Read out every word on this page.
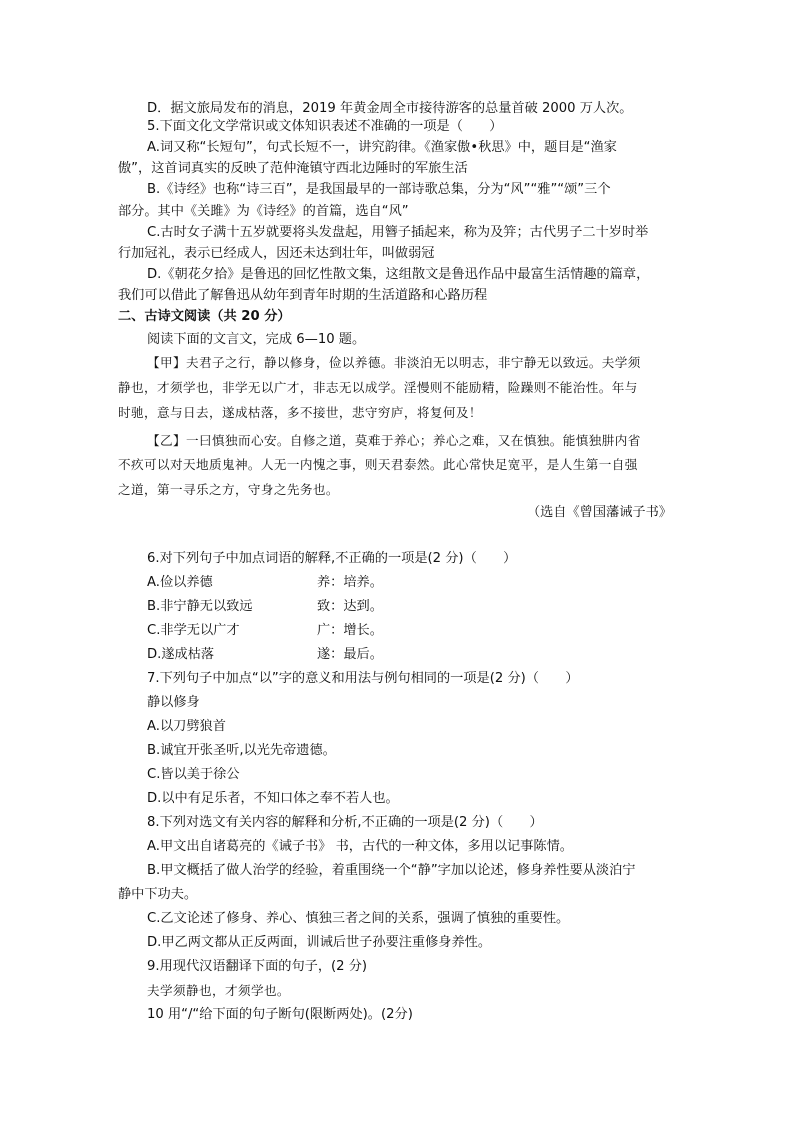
D．据文旅局发布的消息，2019 年黄金周全市接待游客的总量首破 2000 万人次。
5.下面文化文学常识或文体知识表述不准确的一项是（　　）
A.词又称“长短句”，句式长短不一，讲究韵律。《渔家傲•秋思》中，题目是“渔家
傲”，这首词真实的反映了范仲淹镇守西北边陲时的军旅生活
B.《诗经》也称“诗三百”，是我国最早的一部诗歌总集，分为“风”“雅”“颂”三个
部分。其中《关雎》为《诗经》的首篇，选自“风”
C.古时女子满十五岁就要将头发盘起，用簪子插起来，称为及笄；古代男子二十岁时举
行加冠礼，表示已经成人，因还未达到壮年，叫做弱冠
D.《朝花夕拾》是鲁迅的回忆性散文集，这组散文是鲁迅作品中最富生活情趣的篇章，
我们可以借此了解鲁迅从幼年到青年时期的生活道路和心路历程
二、古诗文阅读（共 20 分）
阅读下面的文言文，完成 6—10 题。
【甲】夫君子之行，静以修身，俭以养德。非淡泊无以明志，非宁静无以致远。夫学须
静也，才须学也，非学无以广才，非志无以成学。淫慢则不能励精，险躁则不能治性。年与
时驰，意与日去，遂成枯落，多不接世，悲守穷庐，将复何及！
【乙】一曰慎独而心安。自修之道，莫难于养心；养心之难，又在慎独。能慎独肼内省
不疚可以对天地质鬼神。人无一内愧之事，则天君泰然。此心常快足宽平，是人生第一自强
之道，第一寻乐之方，守身之先务也。
（选自《曾国藩诫子书》
6.对下列句子中加点词语的解释,不正确的一项是(2 分)（　　）
A.俭以养德	养：培养。
B.非宁静无以致远	致：达到。
C.非学无以广才	广：增长。
D.遂成枯落	遂：最后。
7.下列句子中加点“以”字的意义和用法与例句相同的一项是(2 分)（　　）
静以修身
A.以刀劈狼首
B.诚宜开张圣听,以光先帝遗德。
C.皆以美于徐公
D.以中有足乐者，不知口体之奉不若人也。
8.下列对选文有关内容的解释和分析,不正确的一项是(2 分)（　　）
A.甲文出自诸葛亮的《诫子书》 书，古代的一种文体，多用以记事陈情。
B.甲文概括了做人治学的经验，着重围绕一个“静”字加以论述，修身养性要从淡泊宁
静中下功夫。
C.乙文论述了修身、养心、慎独三者之间的关系，强调了慎独的重要性。
D.甲乙两文都从正反两面，训诫后世子孙要注重修身养性。
9.用现代汉语翻译下面的句子，(2 分)
夫学须静也，才须学也。
10 用“/“给下面的句子断句(限断两处)。(2分)
